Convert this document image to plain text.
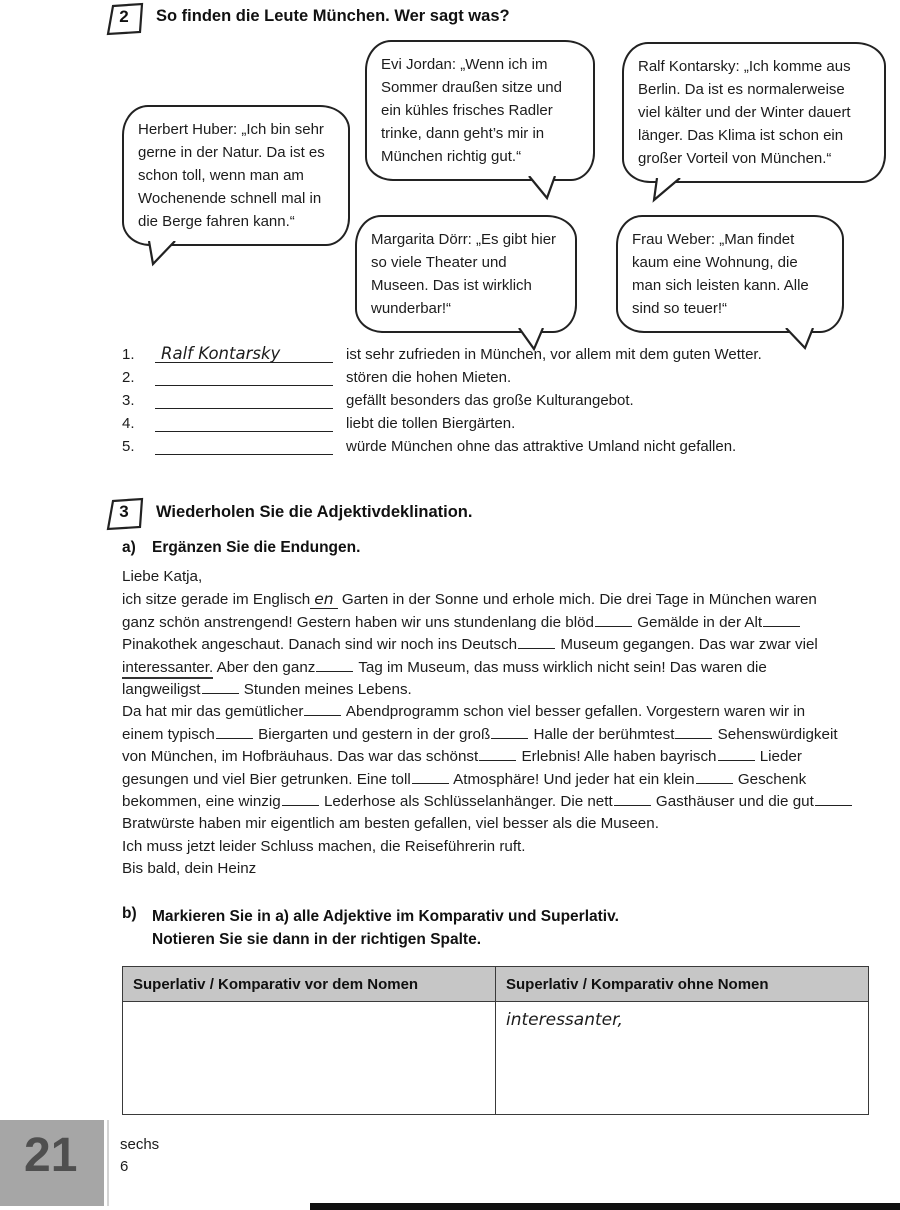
2	So finden die Leute München. Wer sagt was?
Herbert Huber: „Ich bin sehr gerne in der Natur. Da ist es schon toll, wenn man am Wochenende schnell mal in die Berge fahren kann.“
Evi Jordan: „Wenn ich im Sommer draußen sitze und ein kühles frisches Radler trinke, dann geht’s mir in München richtig gut.“
Ralf Kontarsky: „Ich komme aus Berlin. Da ist es normalerweise viel kälter und der Winter dauert länger. Das Klima ist schon ein großer Vorteil von München.“
Margarita Dörr: „Es gibt hier so viele Theater und Museen. Das ist wirklich wunderbar!“
Frau Weber: „Man findet kaum eine Wohnung, die man sich leisten kann. Alle sind so teuer!“
1. Ralf Kontarsky	ist sehr zufrieden in München, vor allem mit dem guten Wetter.
2.	stören die hohen Mieten.
3.	gefällt besonders das große Kulturangebot.
4.	liebt die tollen Biergärten.
5.	würde München ohne das attraktive Umland nicht gefallen.
3	Wiederholen Sie die Adjektivdeklination.
a) Ergänzen Sie die Endungen.
Liebe Katja,
ich sitze gerade im Englisch en Garten in der Sonne und erhole mich. Die drei Tage in München waren
ganz schön anstrengend! Gestern haben wir uns stundenlang die blöd	Gemälde in der Alt
Pinakothek angeschaut. Danach sind wir noch ins Deutsch	Museum gegangen. Das war zwar viel
interessanter. Aber den ganz	Tag im Museum, das muss wirklich nicht sein! Das waren die
langweiligst	Stunden meines Lebens.
Da hat mir das gemütlicher	Abendprogramm schon viel besser gefallen. Vorgestern waren wir in
einem typisch	Biergarten und gestern in der groß	Halle der berühmtest	Sehenswürdigkeit
von München, im Hofbräuhaus. Das war das schönst	Erlebnis! Alle haben bayrisch	Lieder
gesungen und viel Bier getrunken. Eine toll	Atmosphäre! Und jeder hat ein klein	Geschenk
bekommen, eine winzig	Lederhose als Schlüsselanhänger. Die nett	Gasthäuser und die gut
Bratwürste haben mir eigentlich am besten gefallen, viel besser als die Museen.
Ich muss jetzt leider Schluss machen, die Reiseführerin ruft.
Bis bald, dein Heinz
b) Markieren Sie in a) alle Adjektive im Komparativ und Superlativ.
Notieren Sie sie dann in der richtigen Spalte.
Superlativ / Komparativ vor dem Nomen	Superlativ / Komparativ ohne Nomen
	interessanter,
21	sechs
6
